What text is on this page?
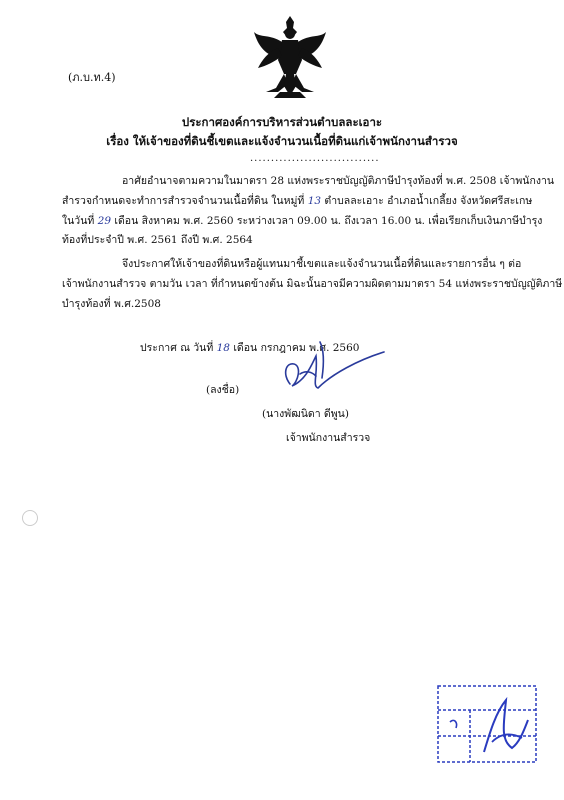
(ภ.บ.ท.4)
ประกาศองค์การบริหารส่วนตำบลละเอาะ
เรื่อง ให้เจ้าของที่ดินชี้เขตและแจ้งจำนวนเนื้อที่ดินแก่เจ้าพนักงานสำรวจ
...............................
อาศัยอำนาจตามความในมาตรา 28 แห่งพระราชบัญญัติภาษีบำรุงท้องที่ พ.ศ. 2508 เจ้าพนักงาน
สำรวจกำหนดจะทำการสำรวจจำนวนเนื้อที่ดิน ในหมู่ที่ 13 ตำบลละเอาะ อำเภอน้ำเกลี้ยง จังหวัดศรีสะเกษ
ในวันที่ 29 เดือน สิงหาคม พ.ศ. 2560 ระหว่างเวลา 09.00 น. ถึงเวลา 16.00 น. เพื่อเรียกเก็บเงินภาษีบำรุง
ท้องที่ประจำปี พ.ศ. 2561 ถึงปี พ.ศ. 2564
จึงประกาศให้เจ้าของที่ดินหรือผู้แทนมาชี้เขตและแจ้งจำนวนเนื้อที่ดินและรายการอื่น ๆ ต่อ
เจ้าพนักงานสำรวจ ตามวัน เวลา ที่กำหนดข้างต้น มิฉะนั้นอาจมีความผิดตามมาตรา 54 แห่งพระราชบัญญัติภาษี
บำรุงท้องที่ พ.ศ.2508
ประกาศ ณ วันที่ 18 เดือน กรกฎาคม พ.ศ. 2560
(ลงชื่อ)
(นางพัฒนิดา ดีพูน)
เจ้าพนักงานสำรวจ
